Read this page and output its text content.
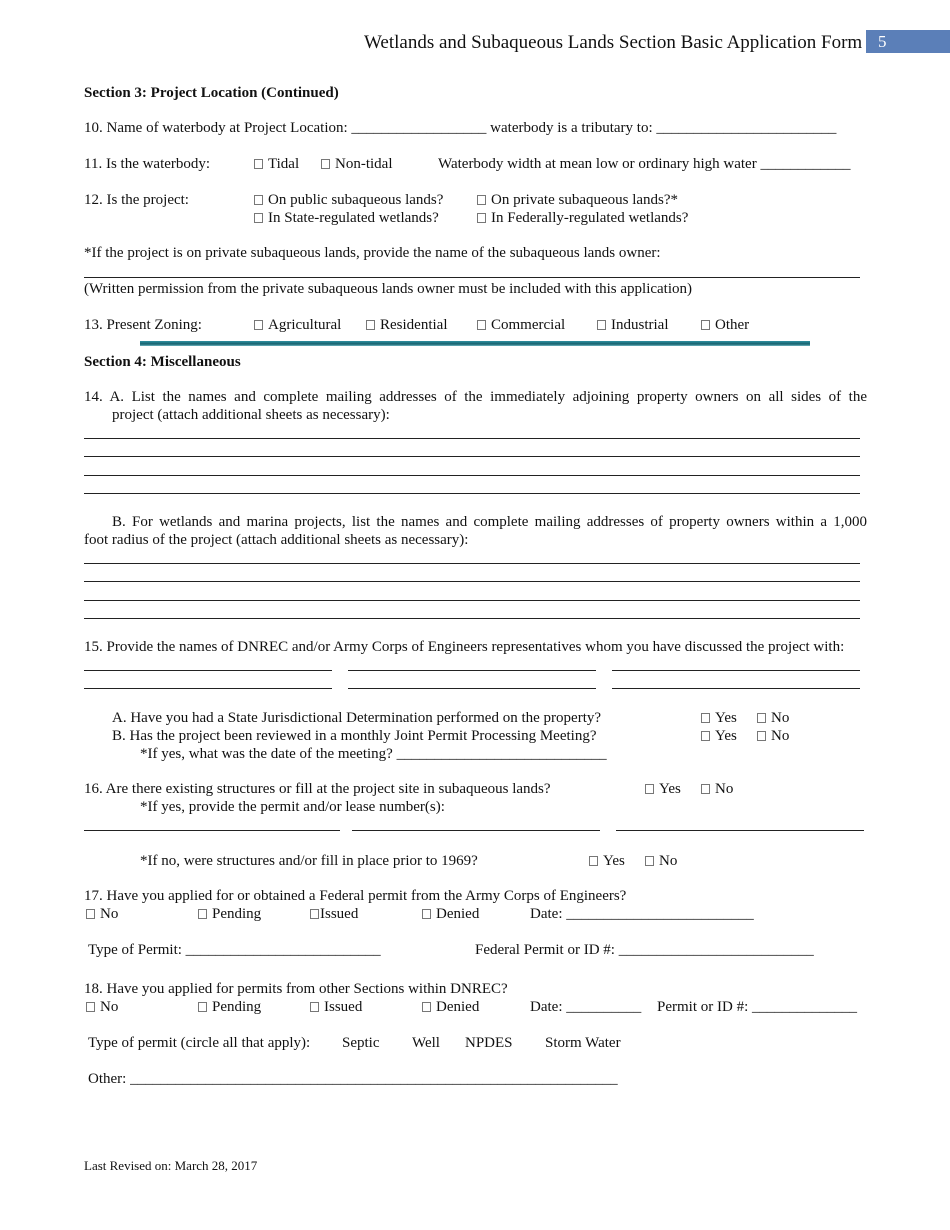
Wetlands and Subaqueous Lands Section Basic Application Form 5
Section 3: Project Location (Continued)
10. Name of waterbody at Project Location: __________________ waterbody is a tributary to: ________________________
11. Is the waterbody:	Tidal	Non-tidal	Waterbody width at mean low or ordinary high water ____________
12. Is the project:	On public subaqueous lands?	On private subaqueous lands?*
In State-regulated wetlands?	In Federally-regulated wetlands?
*If the project is on private subaqueous lands, provide the name of the subaqueous lands owner:
(Written permission from the private subaqueous lands owner must be included with this application)
13. Present Zoning:	Agricultural	Residential	Commercial	Industrial	Other
Section 4: Miscellaneous
14. A. List the names and complete mailing addresses of the immediately adjoining property owners on all sides of the
project (attach additional sheets as necessary):
B. For wetlands and marina projects, list the names and complete mailing addresses of property owners within a 1,000
foot radius of the project (attach additional sheets as necessary):
15. Provide the names of DNREC and/or Army Corps of Engineers representatives whom you have discussed the project with:
A. Have you had a State Jurisdictional Determination performed on the property?	Yes	No
B. Has the project been reviewed in a monthly Joint Permit Processing Meeting?	Yes	No
*If yes, what was the date of the meeting? ____________________________
16. Are there existing structures or fill at the project site in subaqueous lands?	Yes	No
*If yes, provide the permit and/or lease number(s):
*If no, were structures and/or fill in place prior to 1969?	Yes	No
17. Have you applied for or obtained a Federal permit from the Army Corps of Engineers?
No	Pending	Issued	Denied	Date: _________________________
Type of Permit: __________________________	Federal Permit or ID #: __________________________
18. Have you applied for permits from other Sections within DNREC?
No	Pending	Issued	Denied	Date: __________ Permit or ID #: ______________
Type of permit (circle all that apply): Septic Well NPDES Storm Water
Other: _________________________________________________________________
Last Revised on: March 28, 2017
